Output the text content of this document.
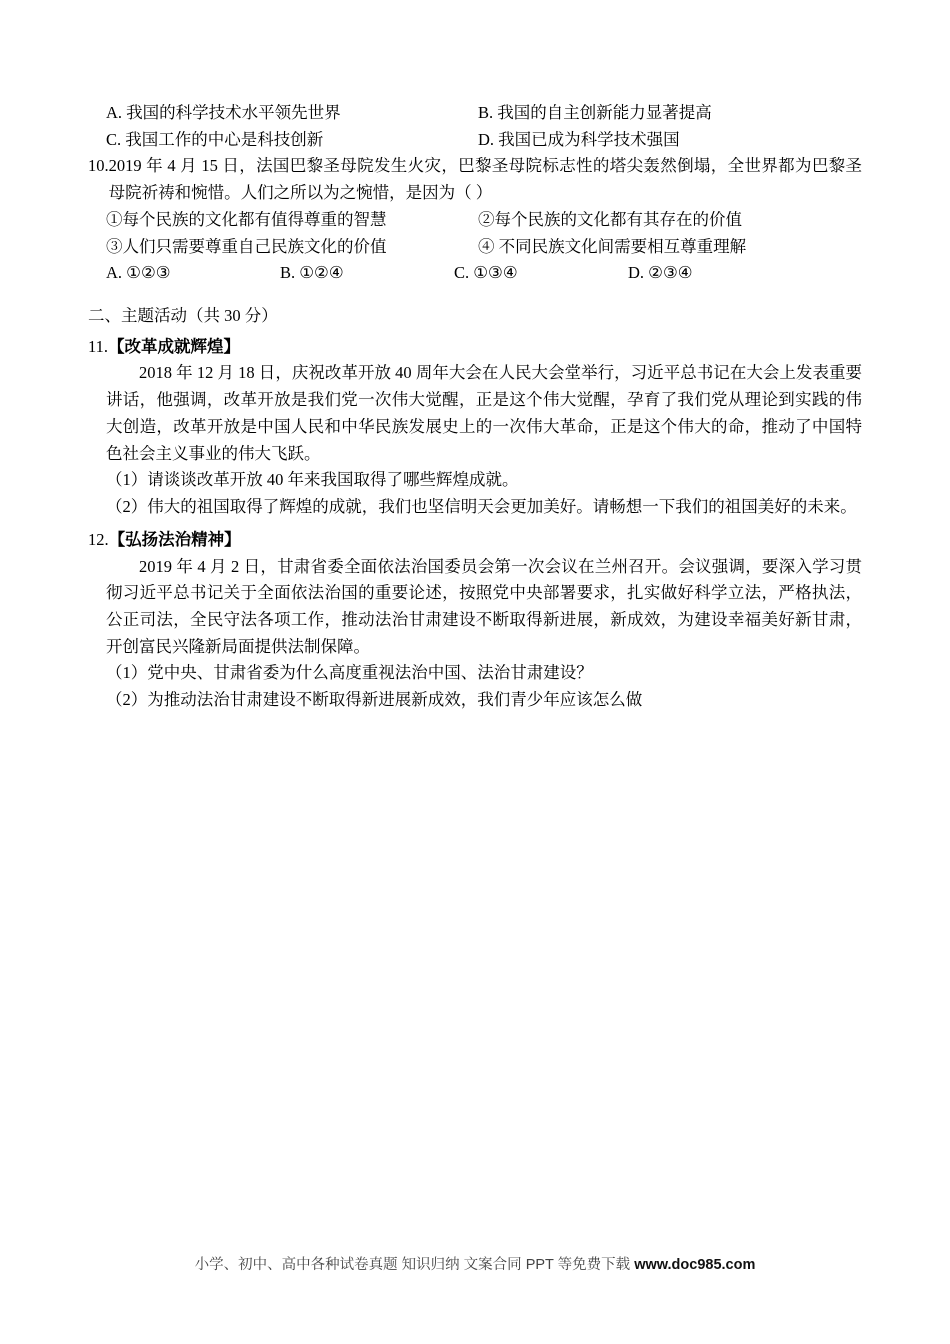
A. 我国的科学技术水平领先世界	B. 我国的自主创新能力显著提高
C. 我国工作的中心是科技创新	D. 我国已成为科学技术强国
10. 2019 年 4 月 15 日，法国巴黎圣母院发生火灾，巴黎圣母院标志性的塔尖轰然倒塌，全世界都为巴黎圣母院祈祷和惋惜。人们之所以为之惋惜，是因为（ ）
①每个民族的文化都有值得尊重的智慧	②每个民族的文化都有其存在的价值
③人们只需要尊重自己民族文化的价值	④ 不同民族文化间需要相互尊重理解
A. ①②③	B. ①②④	C. ①③④	D. ②③④
二、主题活动（共 30 分）
11.【改革成就辉煌】
2018 年 12 月 18 日，庆祝改革开放 40 周年大会在人民大会堂举行，习近平总书记在大会上发表重要讲话，他强调，改革开放是我们党一次伟大觉醒，正是这个伟大觉醒，孕育了我们党从理论到实践的伟大创造，改革开放是中国人民和中华民族发展史上的一次伟大革命，正是这个伟大的命，推动了中国特色社会主义事业的伟大飞跃。
（1）请谈谈改革开放 40 年来我国取得了哪些辉煌成就。
（2）伟大的祖国取得了辉煌的成就，我们也坚信明天会更加美好。请畅想一下我们的祖国美好的未来。
12.【弘扬法治精神】
2019 年 4 月 2 日，甘肃省委全面依法治国委员会第一次会议在兰州召开。会议强调，要深入学习贯彻习近平总书记关于全面依法治国的重要论述，按照党中央部署要求，扎实做好科学立法，严格执法，公正司法，全民守法各项工作，推动法治甘肃建设不断取得新进展，新成效，为建设幸福美好新甘肃，开创富民兴隆新局面提供法制保障。
（1）党中央、甘肃省委为什么高度重视法治中国、法治甘肃建设？
（2）为推动法治甘肃建设不断取得新进展新成效，我们青少年应该怎么做
小学、初中、高中各种试卷真题 知识归纳 文案合同 PPT 等免费下载 www.doc985.com
